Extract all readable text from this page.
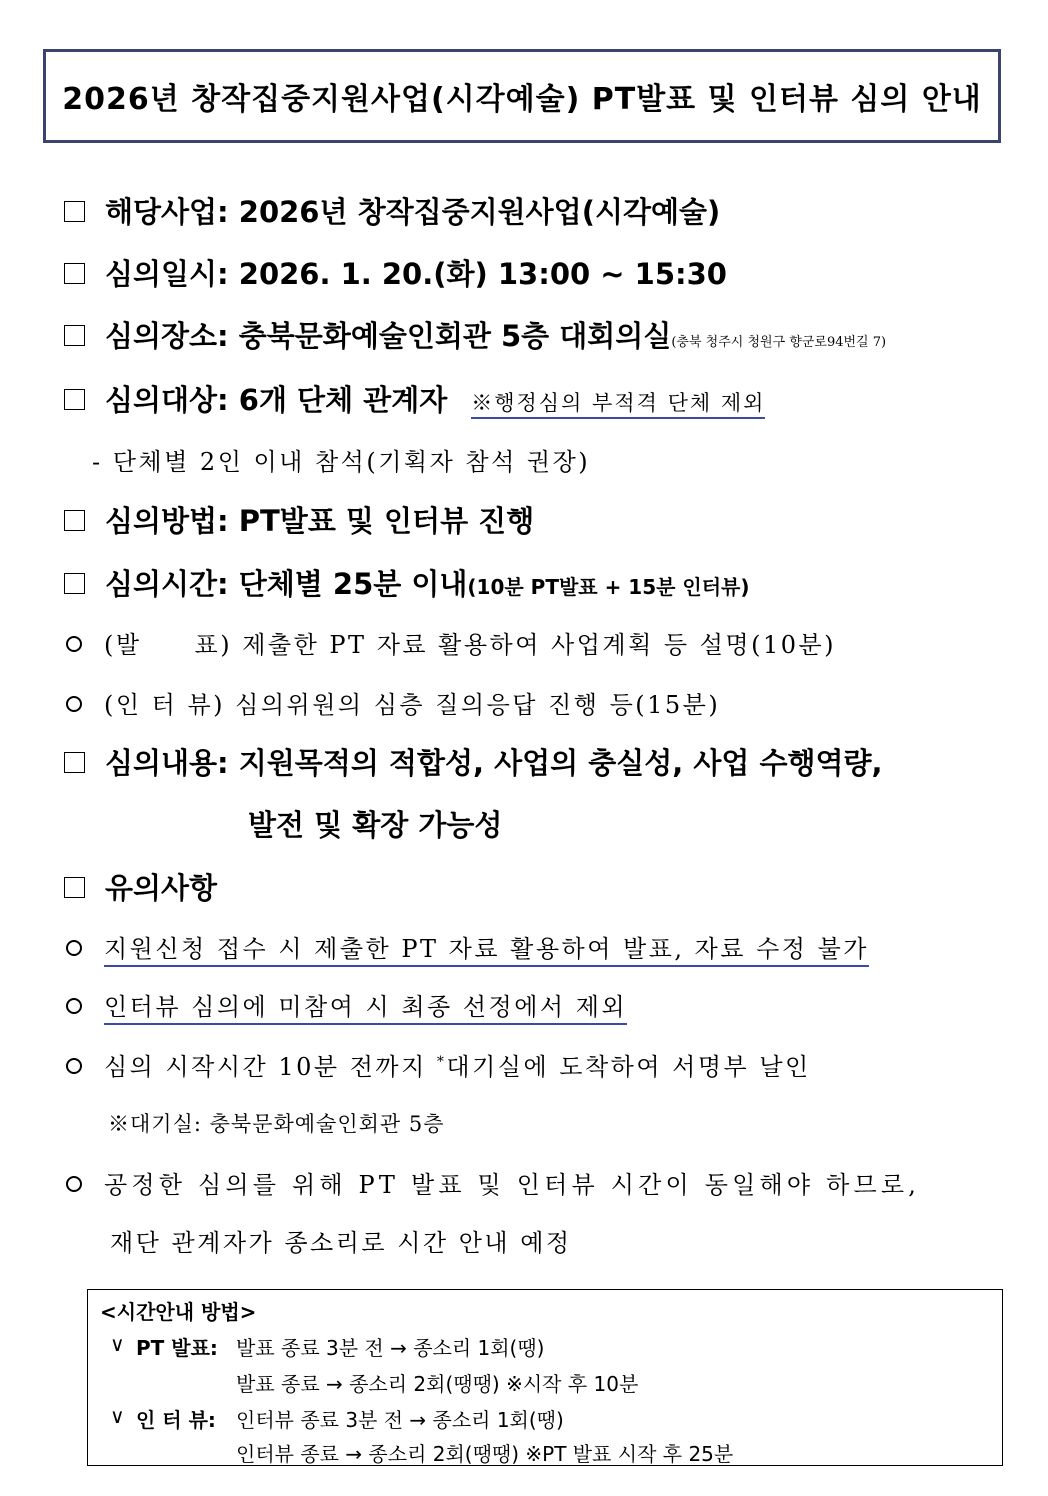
2026년 창작집중지원사업(시각예술) PT발표 및 인터뷰 심의 안내
해당사업: 2026년 창작집중지원사업(시각예술)
심의일시: 2026. 1. 20.(화) 13:00 ~ 15:30
심의장소: 충북문화예술인회관 5층 대회의실(충북 청주시 청원구 향군로94번길 7)
심의대상: 6개 단체 관계자 ※행정심의 부적격 단체 제외
- 단체별 2인 이내 참석(기획자 참석 권장)
심의방법: PT발표 및 인터뷰 진행
심의시간: 단체별 25분 이내(10분 PT발표 + 15분 인터뷰)
(발　　표) 제출한 PT 자료 활용하여 사업계획 등 설명(10분)
(인 터 뷰) 심의위원의 심층 질의응답 진행 등(15분)
심의내용: 지원목적의 적합성, 사업의 충실성, 사업 수행역량,
발전 및 확장 가능성
유의사항
지원신청 접수 시 제출한 PT 자료 활용하여 발표, 자료 수정 불가
인터뷰 심의에 미참여 시 최종 선정에서 제외
심의 시작시간 10분 전까지 *대기실에 도착하여 서명부 날인
※대기실: 충북문화예술인회관 5층
공정한 심의를 위해 PT 발표 및 인터뷰 시간이 동일해야 하므로,
재단 관계자가 종소리로 시간 안내 예정
<시간안내 방법>
∨ PT 발표: 발표 종료 3분 전 → 종소리 1회(땡)
발표 종료 → 종소리 2회(땡땡) ※시작 후 10분
∨ 인 터 뷰: 인터뷰 종료 3분 전 → 종소리 1회(땡)
인터뷰 종료 → 종소리 2회(땡땡) ※PT 발표 시작 후 25분
